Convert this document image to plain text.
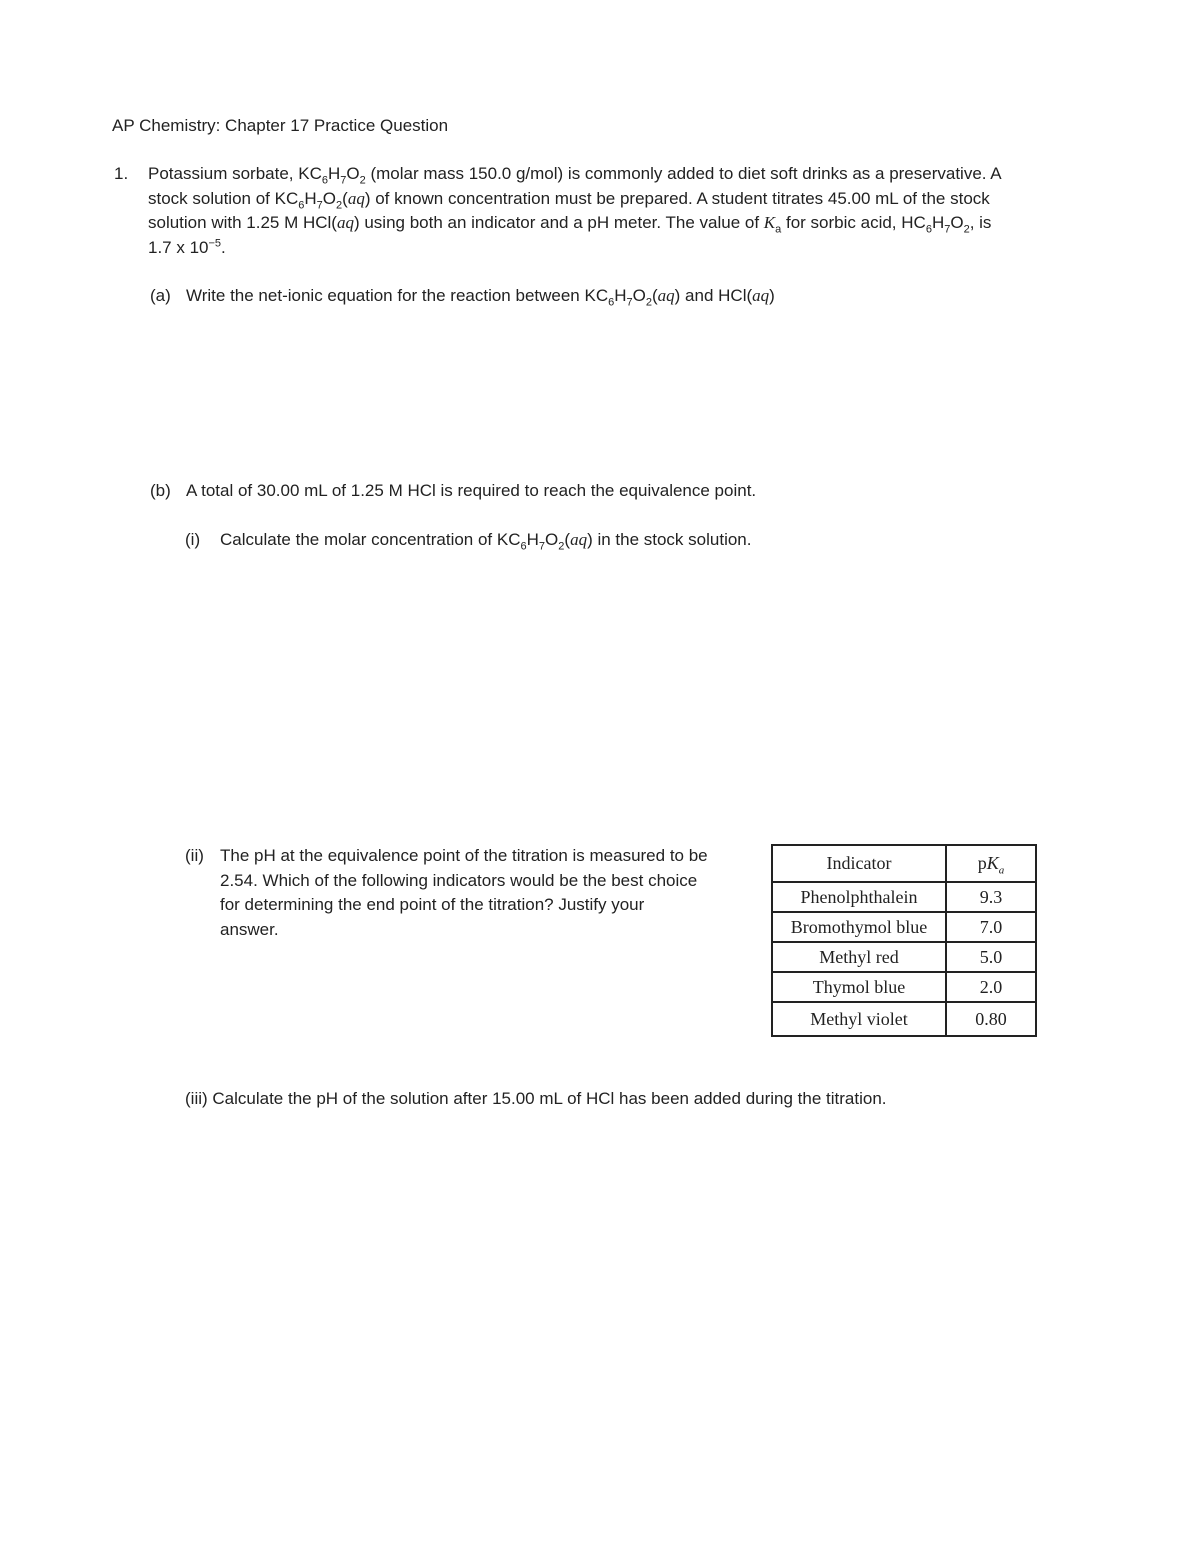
AP Chemistry: Chapter 17 Practice Question
1. Potassium sorbate, $KC_6H_7O_2$ (molar mass 150.0 g/mol) is commonly added to diet soft drinks as a preservative. A
stock solution of $KC_6H_7O_2(aq)$ of known concentration must be prepared. A student titrates 45.00 mL of the stock
solution with 1.25 M HCl(aq) using both an indicator and a pH meter. The value of $K_a$ for sorbic acid, $HC_6H_7O_2$, is
1.7 x $10^{-5}$.
(a) Write the net-ionic equation for the reaction between $KC_6H_7O_2(aq)$ and HCl(aq)
(b) A total of 30.00 mL of 1.25 M HCl is required to reach the equivalence point.
(i) Calculate the molar concentration of $KC_6H_7O_2(aq)$ in the stock solution.
(ii) The pH at the equivalence point of the titration is measured to be
2.54. Which of the following indicators would be the best choice
for determining the end point of the titration? Justify your
answer.
Indicator	$pK_a$
Phenolphthalein	9.3
Bromothymol blue	7.0
Methyl red	5.0
Thymol blue	2.0
Methyl violet	0.80
(iii) Calculate the pH of the solution after 15.00 mL of HCl has been added during the titration.
